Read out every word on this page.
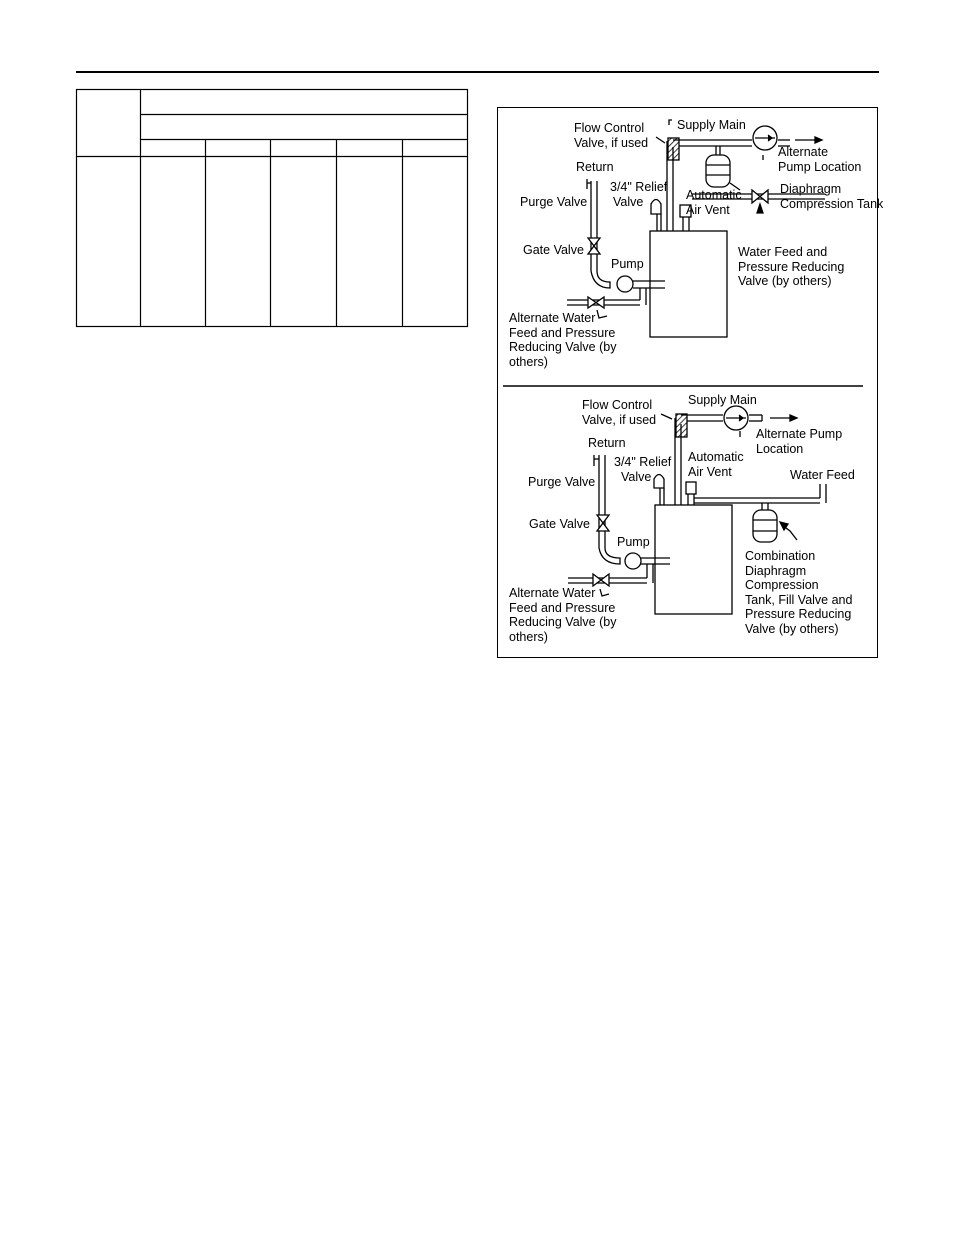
Flow Control
Valve, if used
Supply Main
Alternate
Pump Location
Return
3/4" Relief
Valve	Automatic
Air Vent
Diaphragm
Compression Tank
Purge Valve
Gate Valve
Pump
Water Feed and
Pressure Reducing
Valve (by others)
Alternate Water
Feed and Pressure
Reducing Valve (by
others)
Flow Control
Valve, if used
Supply Main
Alternate Pump
Location
Return
3/4" Relief
Valve
Automatic
Air Vent	Water Feed
Purge Valve
Gate Valve
Pump
Combination
Diaphragm
Compression
Tank, Fill Valve and
Pressure Reducing
Valve (by others)
Alternate Water
Feed and Pressure
Reducing Valve (by
others)
